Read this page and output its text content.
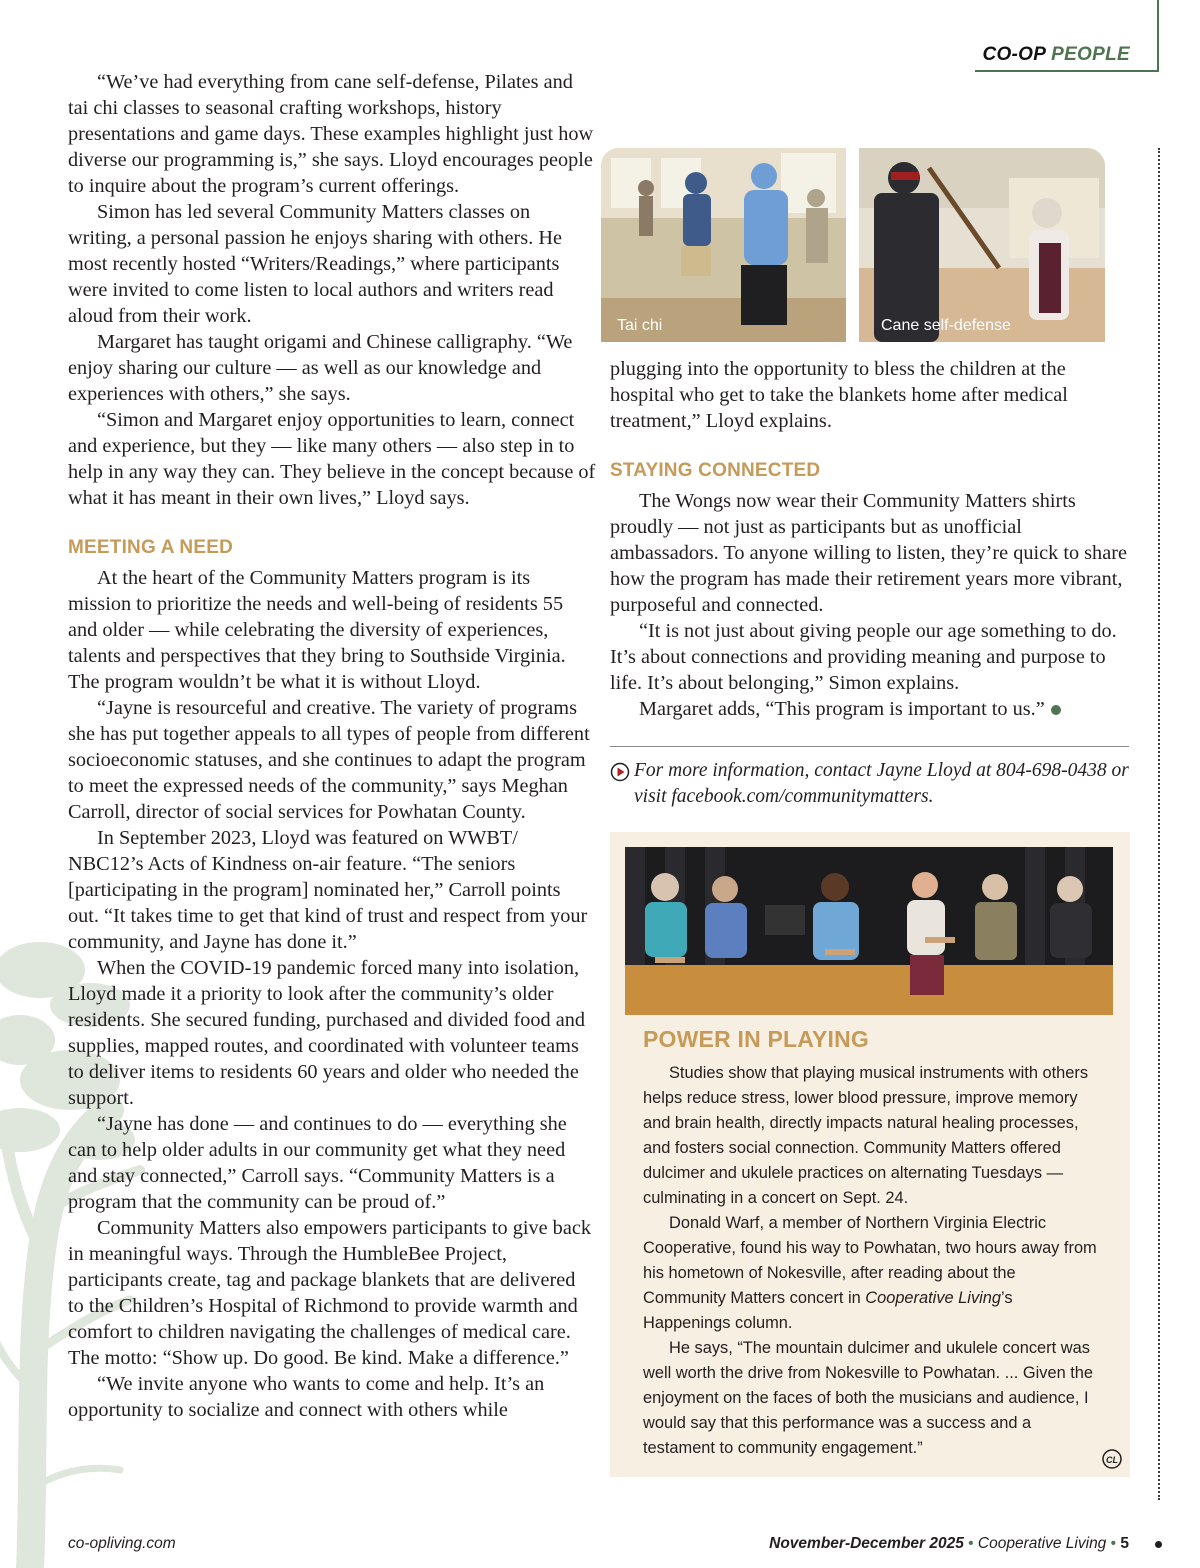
CO-OP PEOPLE

“We’ve had everything from cane self-defense, Pilates and tai chi classes to seasonal crafting workshops, history presentations and game days. These examples highlight just how diverse our programming is,” she says. Lloyd encourages people to inquire about the program’s current offerings.

Simon has led several Community Matters classes on writing, a personal passion he enjoys sharing with others. He most recently hosted “Writers/Readings,” where participants were invited to come listen to local authors and writers read aloud from their work.

Margaret has taught origami and Chinese calligraphy. “We enjoy sharing our culture — as well as our knowledge and experiences with others,” she says.

“Simon and Margaret enjoy opportunities to learn, connect and experience, but they — like many others — also step in to help in any way they can. They believe in the concept because of what it has meant in their own lives,” Lloyd says.

MEETING A NEED

At the heart of the Community Matters program is its mission to prioritize the needs and well-being of residents 55 and older — while celebrating the diversity of experiences, talents and perspectives that they bring to Southside Virginia. The program wouldn’t be what it is without Lloyd.

“Jayne is resourceful and creative. The variety of programs she has put together appeals to all types of people from different socioeconomic statuses, and she continues to adapt the program to meet the expressed needs of the community,” says Meghan Carroll, director of social services for Powhatan County.

In September 2023, Lloyd was featured on WWBT/ NBC12’s Acts of Kindness on-air feature. “The seniors [participating in the program] nominated her,” Carroll points out. “It takes time to get that kind of trust and respect from your community, and Jayne has done it.”

When the COVID-19 pandemic forced many into isolation, Lloyd made it a priority to look after the community’s older residents. She secured funding, purchased and divided food and supplies, mapped routes, and coordinated with volunteer teams to deliver items to residents 60 years and older who needed the support.

“Jayne has done — and continues to do — everything she can to help older adults in our community get what they need and stay connected,” Carroll says. “Community Matters is a program that the community can be proud of.”

Community Matters also empowers participants to give back in meaningful ways. Through the HumbleBee Project, participants create, tag and package blankets that are delivered to the Children’s Hospital of Richmond to provide warmth and comfort to children navigating the challenges of medical care. The motto: “Show up. Do good. Be kind. Make a difference.”

“We invite anyone who wants to come and help. It’s an opportunity to socialize and connect with others while

Tai chi	Cane self-defense

plugging into the opportunity to bless the children at the hospital who get to take the blankets home after medical treatment,” Lloyd explains.

STAYING CONNECTED

The Wongs now wear their Community Matters shirts proudly — not just as participants but as unofficial ambassadors. To anyone willing to listen, they’re quick to share how the program has made their retirement years more vibrant, purposeful and connected.

“It is not just about giving people our age something to do. It’s about connections and providing meaning and purpose to life. It’s about belonging,” Simon explains.

Margaret adds, “This program is important to us.”

For more information, contact Jayne Lloyd at 804-698-0438 or visit facebook.com/communitymatters.
POWER IN PLAYING

Studies show that playing musical instruments with others helps reduce stress, lower blood pressure, improve memory and brain health, directly impacts natural healing processes, and fosters social connection. Community Matters offered dulcimer and ukulele practices on alternating Tuesdays — culminating in a concert on Sept. 24.

Donald Warf, a member of Northern Virginia Electric Cooperative, found his way to Powhatan, two hours away from his hometown of Nokesville, after reading about the Community Matters concert in Cooperative Living’s Happenings column.

He says, “The mountain dulcimer and ukulele concert was well worth the drive from Nokesville to Powhatan. ... Given the enjoyment on the faces of both the musicians and audience, I would say that this performance was a success and a testament to community engagement.”

CL
co-opliving.com	November-December 2025 • Cooperative Living • 5
